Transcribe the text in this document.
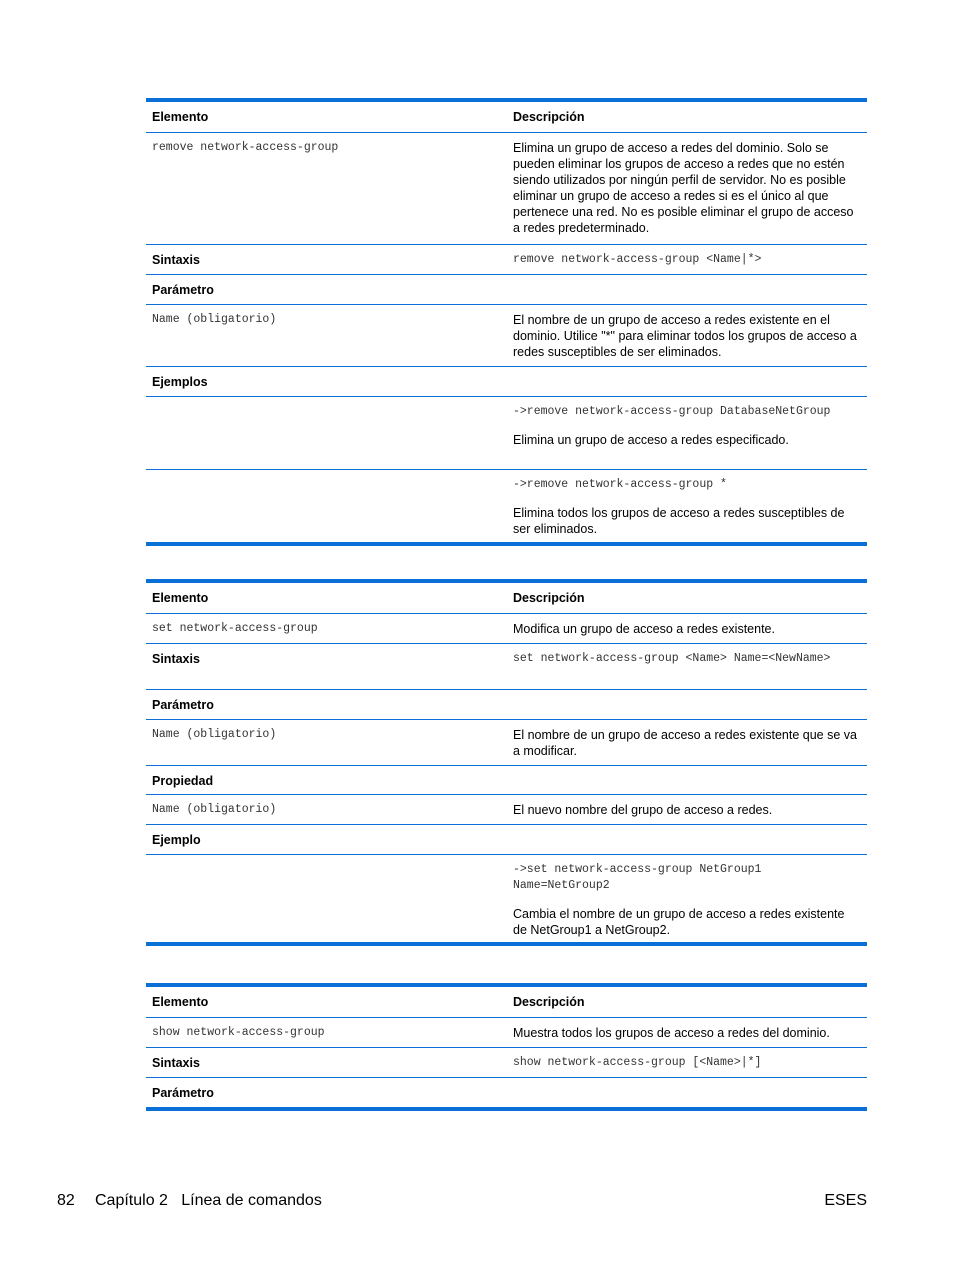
Elemento	Descripción
remove network-access-group	Elimina un grupo de acceso a redes del dominio. Solo se pueden eliminar los grupos de acceso a redes que no estén siendo utilizados por ningún perfil de servidor. No es posible eliminar un grupo de acceso a redes si es el único al que pertenece una red. No es posible eliminar el grupo de acceso a redes predeterminado.
Sintaxis	remove network-access-group <Name|*>
Parámetro
Name (obligatorio)	El nombre de un grupo de acceso a redes existente en el dominio. Utilice "*" para eliminar todos los grupos de acceso a redes susceptibles de ser eliminados.
Ejemplos
->remove network-access-group DatabaseNetGroup
Elimina un grupo de acceso a redes especificado.
->remove network-access-group *
Elimina todos los grupos de acceso a redes susceptibles de ser eliminados.
Elemento	Descripción
set network-access-group	Modifica un grupo de acceso a redes existente.
Sintaxis	set network-access-group <Name> Name=<NewName>
Parámetro
Name (obligatorio)	El nombre de un grupo de acceso a redes existente que se va a modificar.
Propiedad
Name (obligatorio)	El nuevo nombre del grupo de acceso a redes.
Ejemplo
->set network-access-group NetGroup1 Name=NetGroup2
Cambia el nombre de un grupo de acceso a redes existente de NetGroup1 a NetGroup2.
Elemento	Descripción
show network-access-group	Muestra todos los grupos de acceso a redes del dominio.
Sintaxis	show network-access-group [<Name>|*]
Parámetro
82 Capítulo 2   Línea de comandos	ESES
